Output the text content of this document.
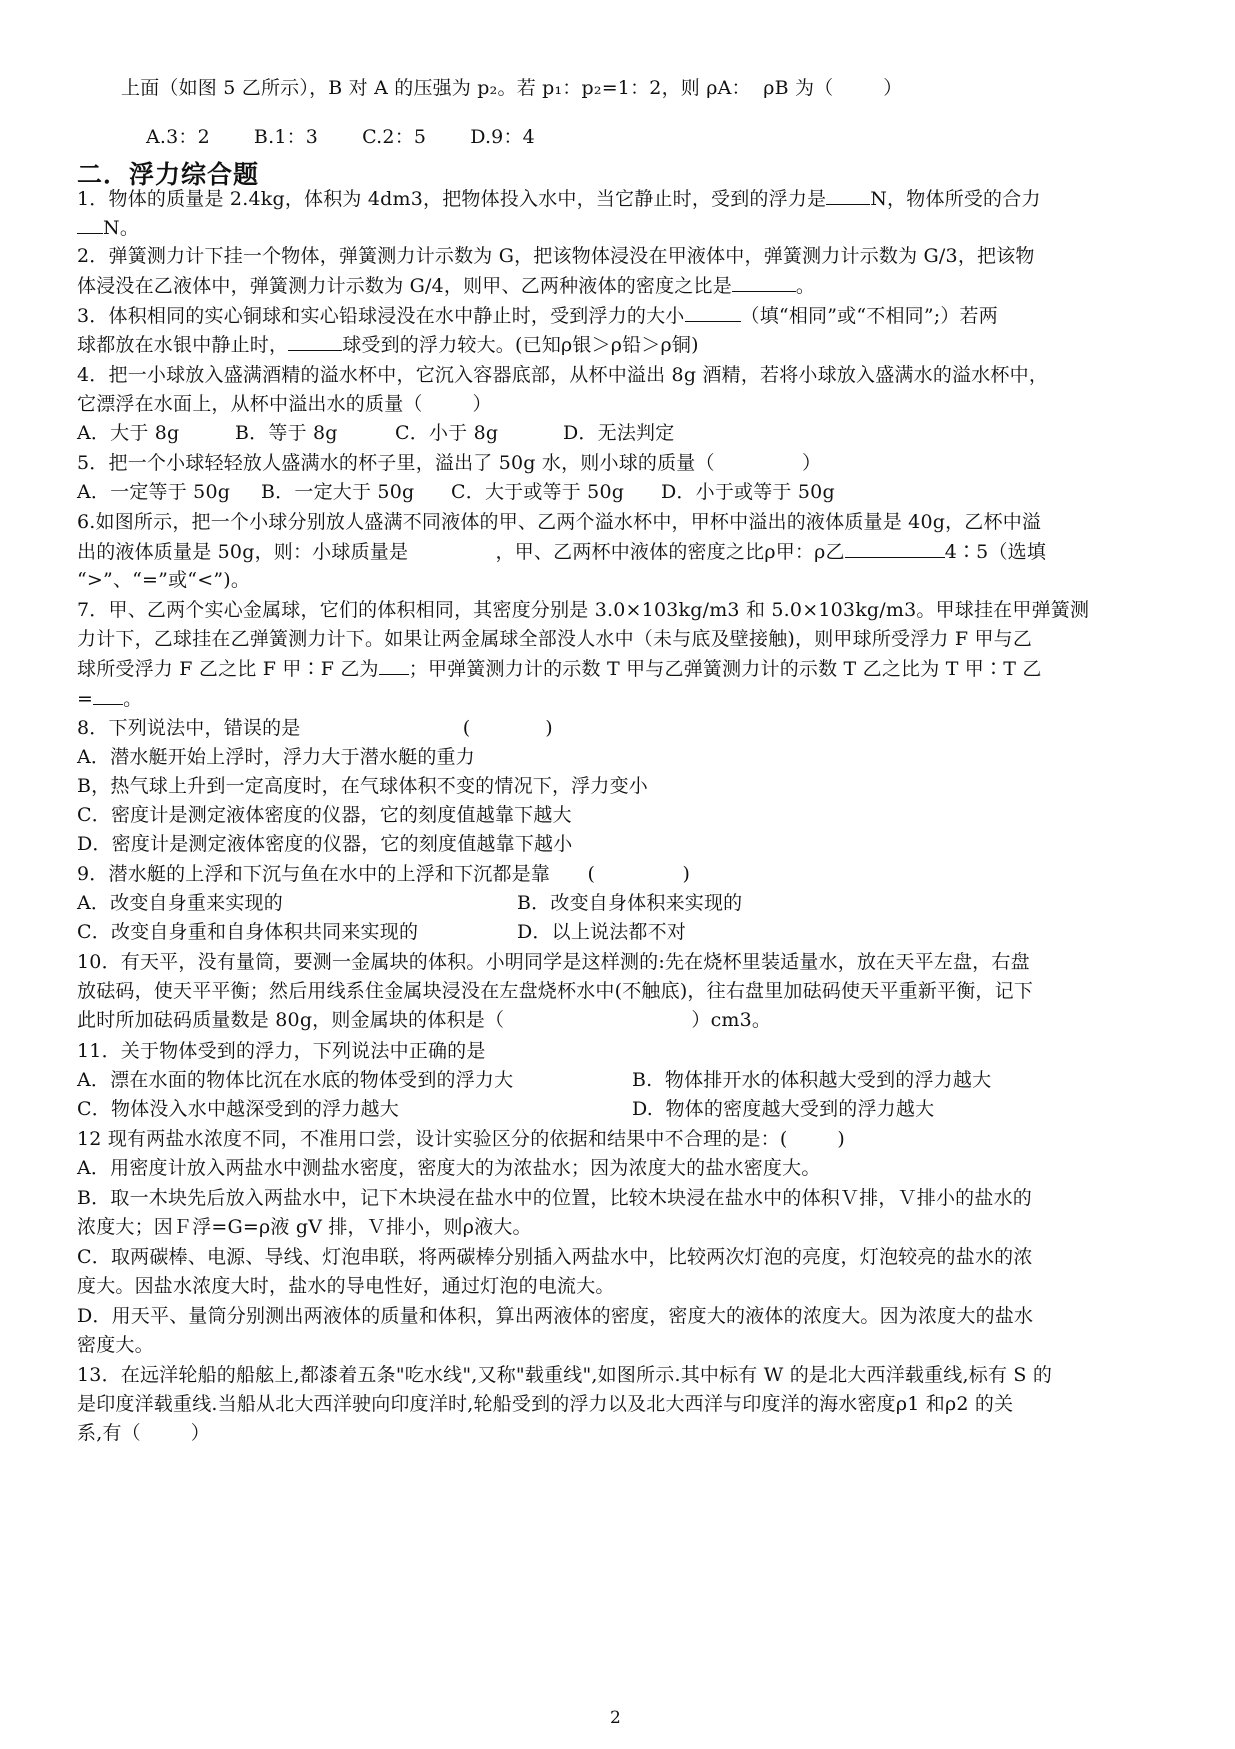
上面（如图 5 乙所示），B 对 A 的压强为 p₂。若 p₁：p₂=1：2，则 ρA：  ρB 为（        ）

A.3：2 B.1：3 C.2：5 D.9：4

二．浮力综合题
1．物体的质量是 2.4kg，体积为 4dm3，把物体投入水中，当它静止时，受到的浮力是 N，物体所受的合力
N。
2．弹簧测力计下挂一个物体，弹簧测力计示数为 G，把该物体浸没在甲液体中，弹簧测力计示数为 G/3，把该物
体浸没在乙液体中，弹簧测力计示数为 G/4，则甲、乙两种液体的密度之比是	。
3．体积相同的实心铜球和实心铅球浸没在水中静止时，受到浮力的大小	（填“相同”或“不相同”;）若两
球都放在水银中静止时，	球受到的浮力较大。(已知ρ银＞ρ铅＞ρ铜)
4．把一小球放入盛满酒精的溢水杯中，它沉入容器底部，从杯中溢出 8g 酒精，若将小球放入盛满水的溢水杯中，
它漂浮在水面上，从杯中溢出水的质量（        ）
A．大于 8g	B．等于 8g	C．小于 8g	D．无法判定
5．把一个小球轻轻放人盛满水的杯子里，溢出了 50g 水，则小球的质量（              ）
A．一定等于 50g B．一定大于 50g C．大于或等于 50g D．小于或等于 50g
6.如图所示，把一个小球分别放人盛满不同液体的甲、乙两个溢水杯中，甲杯中溢出的液体质量是 40g，乙杯中溢
出的液体质量是 50g，则：小球质量是              ，甲、乙两杯中液体的密度之比ρ甲：ρ乙	4∶5（选填
“>”、“=”或“<”)。
7．甲、乙两个实心金属球，它们的体积相同，其密度分别是 3.0×103kg/m3 和 5.0×103kg/m3。甲球挂在甲弹簧测
力计下，乙球挂在乙弹簧测力计下。如果让两金属球全部没人水中（未与底及壁接触)，则甲球所受浮力 F 甲与乙
球所受浮力 F 乙之比 F 甲∶F 乙为 ；甲弹簧测力计的示数 T 甲与乙弹簧测力计的示数 T 乙之比为 T 甲∶T 乙
= 。
8．下列说法中，错误的是                          (            )
A．潜水艇开始上浮时，浮力大于潜水艇的重力
B，热气球上升到一定高度时，在气球体积不变的情况下，浮力变小
C．密度计是测定液体密度的仪器，它的刻度值越靠下越大
D．密度计是测定液体密度的仪器，它的刻度值越靠下越小
9．潜水艇的上浮和下沉与鱼在水中的上浮和下沉都是靠      (              )
A．改变自身重来实现的	B．改变自身体积来实现的
C．改变自身重和自身体积共同来实现的	D．以上说法都不对
10．有天平，没有量筒，要测一金属块的体积。小明同学是这样测的:先在烧杯里装适量水，放在天平左盘，右盘
放砝码，使天平平衡；然后用线系住金属块浸没在左盘烧杯水中(不触底)，往右盘里加砝码使天平重新平衡，记下
此时所加砝码质量数是 80g，则金属块的体积是（                              ）cm3。
11．关于物体受到的浮力，下列说法中正确的是
A．漂在水面的物体比沉在水底的物体受到的浮力大	B.  物体排开水的体积越大受到的浮力越大
C．物体没入水中越深受到的浮力越大	D.  物体的密度越大受到的浮力越大
12 现有两盐水浓度不同，不准用口尝，设计实验区分的依据和结果中不合理的是：(        )
A．用密度计放入两盐水中测盐水密度，密度大的为浓盐水；因为浓度大的盐水密度大。
B．取一木块先后放入两盐水中，记下木块浸在盐水中的位置，比较木块浸在盐水中的体积Ｖ排，Ｖ排小的盐水的
浓度大；因Ｆ浮=G=ρ液 gV 排，Ｖ排小，则ρ液大。
C．取两碳棒、电源、导线、灯泡串联，将两碳棒分别插入两盐水中，比较两次灯泡的亮度，灯泡较亮的盐水的浓
度大。因盐水浓度大时，盐水的导电性好，通过灯泡的电流大。
D．用天平、量筒分别测出两液体的质量和体积，算出两液体的密度，密度大的液体的浓度大。因为浓度大的盐水
密度大。
13．在远洋轮船的船舷上,都漆着五条"吃水线",又称"载重线",如图所示.其中标有 W 的是北大西洋载重线,标有 S 的
是印度洋载重线.当船从北大西洋驶向印度洋时,轮船受到的浮力以及北大西洋与印度洋的海水密度ρ1 和ρ2 的关
系,有（        ）
2
